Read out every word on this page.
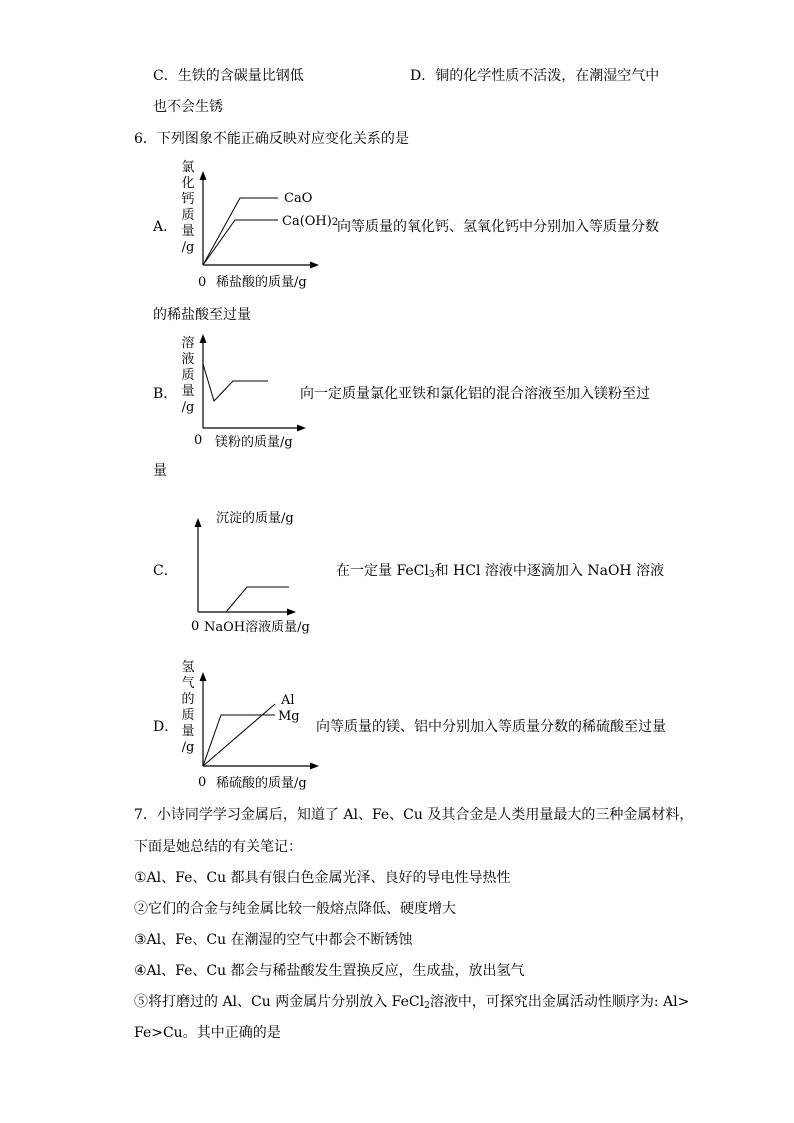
C．生铁的含碳量比钢低	D．铜的化学性质不活泼，在潮湿空气中
也不会生锈
6．下列图象不能正确反映对应变化关系的是
A．
氯
化
钙
质
量
/g
CaO
Ca(OH)2
0 稀盐酸的质量/g
向等质量的氧化钙、氢氧化钙中分别加入等质量分数
的稀盐酸至过量
B．
溶
液
质
量
/g
0 镁粉的质量/g
向一定质量氯化亚铁和氯化铝的混合溶液至加入镁粉至过
量
沉淀的质量/g
C．
0 NaOH溶液质量/g
在一定量 FeCl$_3$和 HCl 溶液中逐滴加入 NaOH 溶液
D．
氢
气
的
质
量
/g
Al
Mg
0 稀硫酸的质量/g
向等质量的镁、铝中分别加入等质量分数的稀硫酸至过量
7．小诗同学学习金属后，知道了 Al、Fe、Cu 及其合金是人类用量最大的三种金属材料，
下面是她总结的有关笔记：
①Al、Fe、Cu 都具有银白色金属光泽、良好的导电性导热性
②它们的合金与纯金属比较一般熔点降低、硬度增大
③Al、Fe、Cu 在潮湿的空气中都会不断锈蚀
④Al、Fe、Cu 都会与稀盐酸发生置换反应，生成盐，放出氢气
⑤将打磨过的 Al、Cu 两金属片分别放入 FeCl$_2$溶液中，可探究出金属活动性顺序为: Al>
Fe>Cu。其中正确的是
